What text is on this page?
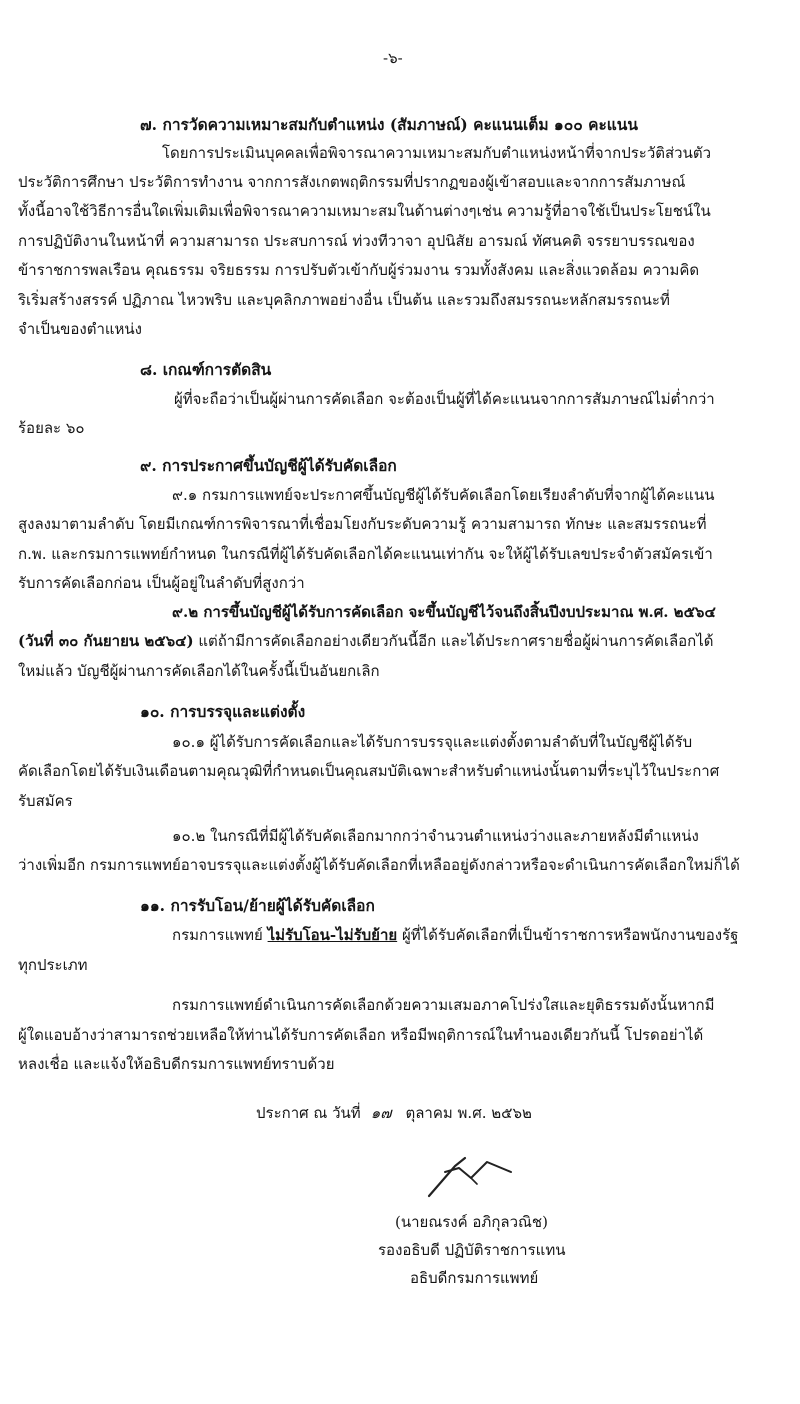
-๖-

๗. การวัดความเหมาะสมกับตำแหน่ง (สัมภาษณ์) คะแนนเต็ม ๑๐๐ คะแนน

โดยการประเมินบุคคลเพื่อพิจารณาความเหมาะสมกับตำแหน่งหน้าที่จากประวัติส่วนตัว

ประวัติการศึกษา ประวัติการทำงาน จากการสังเกตพฤติกรรมที่ปรากฏของผู้เข้าสอบและจากการสัมภาษณ์

ทั้งนี้อาจใช้วิธีการอื่นใดเพิ่มเติมเพื่อพิจารณาความเหมาะสมในด้านต่างๆเช่น ความรู้ที่อาจใช้เป็นประโยชน์ใน

การปฏิบัติงานในหน้าที่ ความสามารถ ประสบการณ์ ท่วงทีวาจา อุปนิสัย อารมณ์ ทัศนคติ จรรยาบรรณของ

ข้าราชการพลเรือน คุณธรรม จริยธรรม การปรับตัวเข้ากับผู้ร่วมงาน รวมทั้งสังคม และสิ่งแวดล้อม ความคิด

ริเริ่มสร้างสรรค์ ปฏิภาณ ไหวพริบ และบุคลิกภาพอย่างอื่น เป็นต้น และรวมถึงสมรรถนะหลักสมรรถนะที่

จำเป็นของตำแหน่ง

๘. เกณฑ์การตัดสิน

ผู้ที่จะถือว่าเป็นผู้ผ่านการคัดเลือก จะต้องเป็นผู้ที่ได้คะแนนจากการสัมภาษณ์ไม่ต่ำกว่า

ร้อยละ ๖๐

๙. การประกาศขึ้นบัญชีผู้ได้รับคัดเลือก

๙.๑ กรมการแพทย์จะประกาศขึ้นบัญชีผู้ได้รับคัดเลือกโดยเรียงลำดับที่จากผู้ได้คะแนน

สูงลงมาตามลำดับ โดยมีเกณฑ์การพิจารณาที่เชื่อมโยงกับระดับความรู้ ความสามารถ ทักษะ และสมรรถนะที่

ก.พ. และกรมการแพทย์กำหนด ในกรณีที่ผู้ได้รับคัดเลือกได้คะแนนเท่ากัน จะให้ผู้ได้รับเลขประจำตัวสมัครเข้า

รับการคัดเลือกก่อน เป็นผู้อยู่ในลำดับที่สูงกว่า

๙.๒ การขึ้นบัญชีผู้ได้รับการคัดเลือก จะขึ้นบัญชีไว้จนถึงสิ้นปีงบประมาณ พ.ศ. ๒๕๖๔

(วันที่ ๓๐ กันยายน ๒๕๖๔) แต่ถ้ามีการคัดเลือกอย่างเดียวกันนี้อีก และได้ประกาศรายชื่อผู้ผ่านการคัดเลือกได้

ใหม่แล้ว บัญชีผู้ผ่านการคัดเลือกได้ในครั้งนี้เป็นอันยกเลิก

๑๐. การบรรจุและแต่งตั้ง

๑๐.๑ ผู้ได้รับการคัดเลือกและได้รับการบรรจุและแต่งตั้งตามลำดับที่ในบัญชีผู้ได้รับ

คัดเลือกโดยได้รับเงินเดือนตามคุณวุฒิที่กำหนดเป็นคุณสมบัติเฉพาะสำหรับตำแหน่งนั้นตามที่ระบุไว้ในประกาศ

รับสมัคร

๑๐.๒ ในกรณีที่มีผู้ได้รับคัดเลือกมากกว่าจำนวนตำแหน่งว่างและภายหลังมีตำแหน่ง

ว่างเพิ่มอีก กรมการแพทย์อาจบรรจุและแต่งตั้งผู้ได้รับคัดเลือกที่เหลืออยู่ดังกล่าวหรือจะดำเนินการคัดเลือกใหม่ก็ได้

๑๑. การรับโอน/ย้ายผู้ได้รับคัดเลือก

กรมการแพทย์ ไม่รับโอน-ไม่รับย้าย ผู้ที่ได้รับคัดเลือกที่เป็นข้าราชการหรือพนักงานของรัฐ

ทุกประเภท

กรมการแพทย์ดำเนินการคัดเลือกด้วยความเสมอภาคโปร่งใสและยุติธรรมดังนั้นหากมี

ผู้ใดแอบอ้างว่าสามารถช่วยเหลือให้ท่านได้รับการคัดเลือก หรือมีพฤติการณ์ในทำนองเดียวกันนี้ โปรดอย่าได้

หลงเชื่อ และแจ้งให้อธิบดีกรมการแพทย์ทราบด้วย

ประกาศ ณ วันที่ ๑๗ ตุลาคม พ.ศ. ๒๕๖๒

(นายณรงค์ อภิกุลวณิช)

รองอธิบดี ปฏิบัติราชการแทน

อธิบดีกรมการแพทย์
